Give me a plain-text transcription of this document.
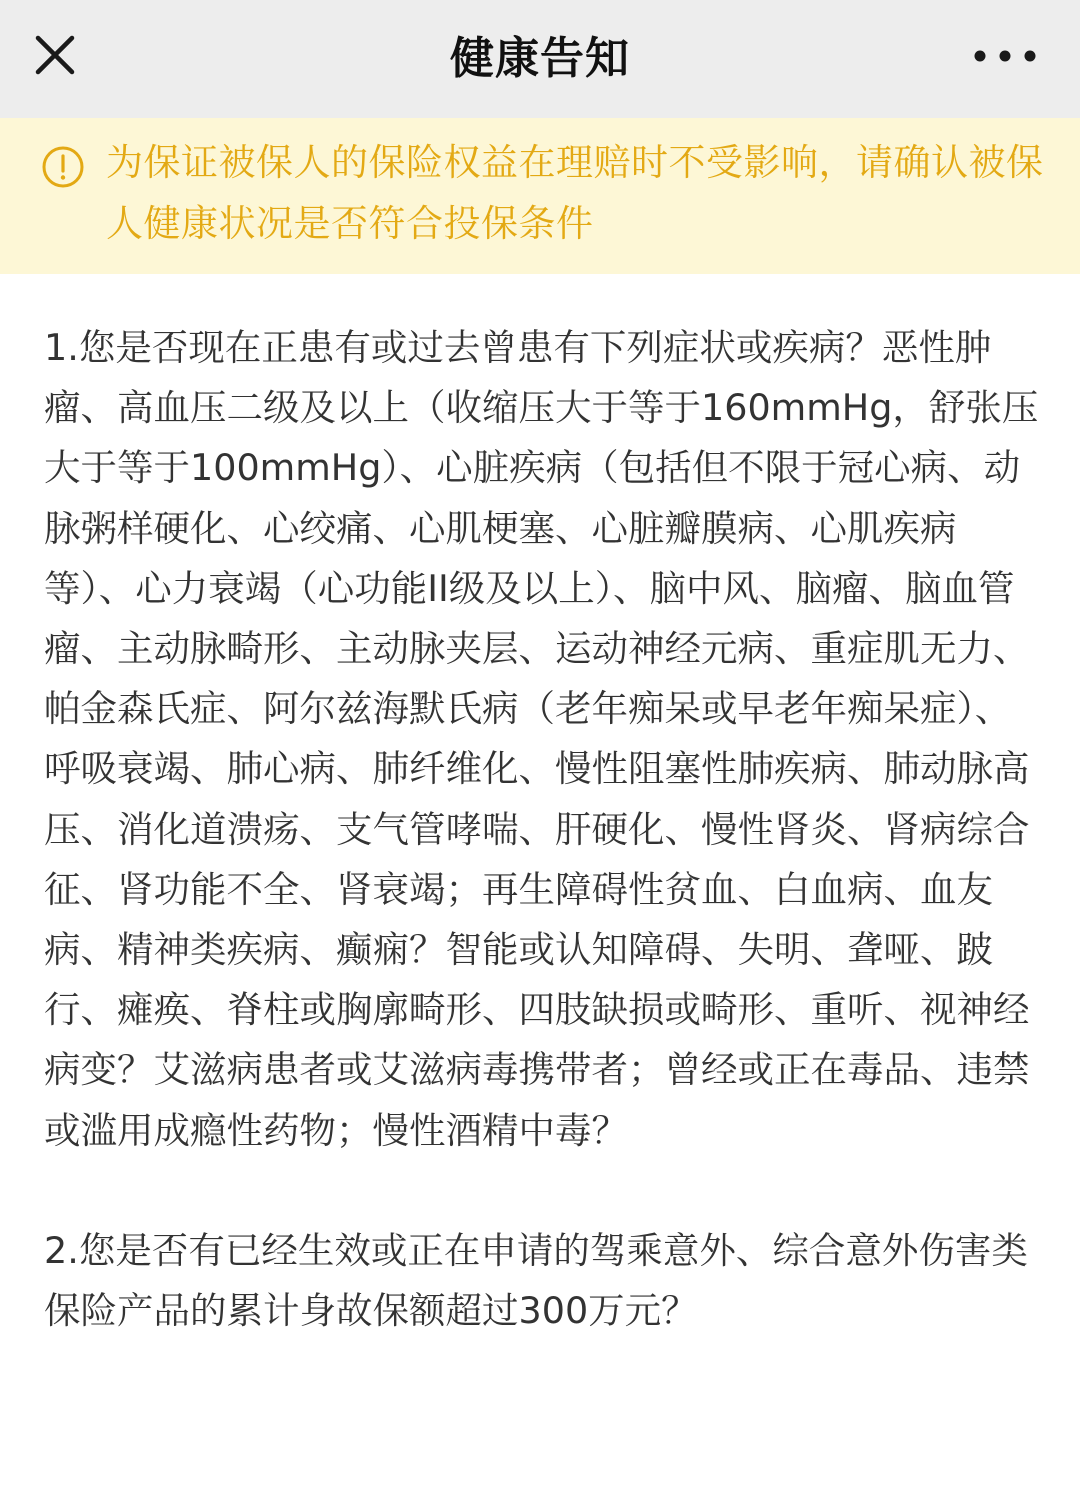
健康告知
为保证被保人的保险权益在理赔时不受影响，请确认被保人健康状况是否符合投保条件

1.您是否现在正患有或过去曾患有下列症状或疾病？恶性肿瘤、高血压二级及以上（收缩压大于等于160mmHg，舒张压大于等于100mmHg）、心脏疾病（包括但不限于冠心病、动脉粥样硬化、心绞痛、心肌梗塞、心脏瓣膜病、心肌疾病等）、心力衰竭（心功能II级及以上）、脑中风、脑瘤、脑血管瘤、主动脉畸形、主动脉夹层、运动神经元病、重症肌无力、帕金森氏症、阿尔兹海默氏病（老年痴呆或早老年痴呆症）、呼吸衰竭、肺心病、肺纤维化、慢性阻塞性肺疾病、肺动脉高压、消化道溃疡、支气管哮喘、肝硬化、慢性肾炎、肾病综合征、肾功能不全、肾衰竭；再生障碍性贫血、白血病、血友病、精神类疾病、癫痫？智能或认知障碍、失明、聋哑、跛行、瘫痪、脊柱或胸廓畸形、四肢缺损或畸形、重听、视神经病变？艾滋病患者或艾滋病毒携带者；曾经或正在毒品、违禁或滥用成瘾性药物；慢性酒精中毒？

2.您是否有已经生效或正在申请的驾乘意外、综合意外伤害类保险产品的累计身故保额超过300万元？
